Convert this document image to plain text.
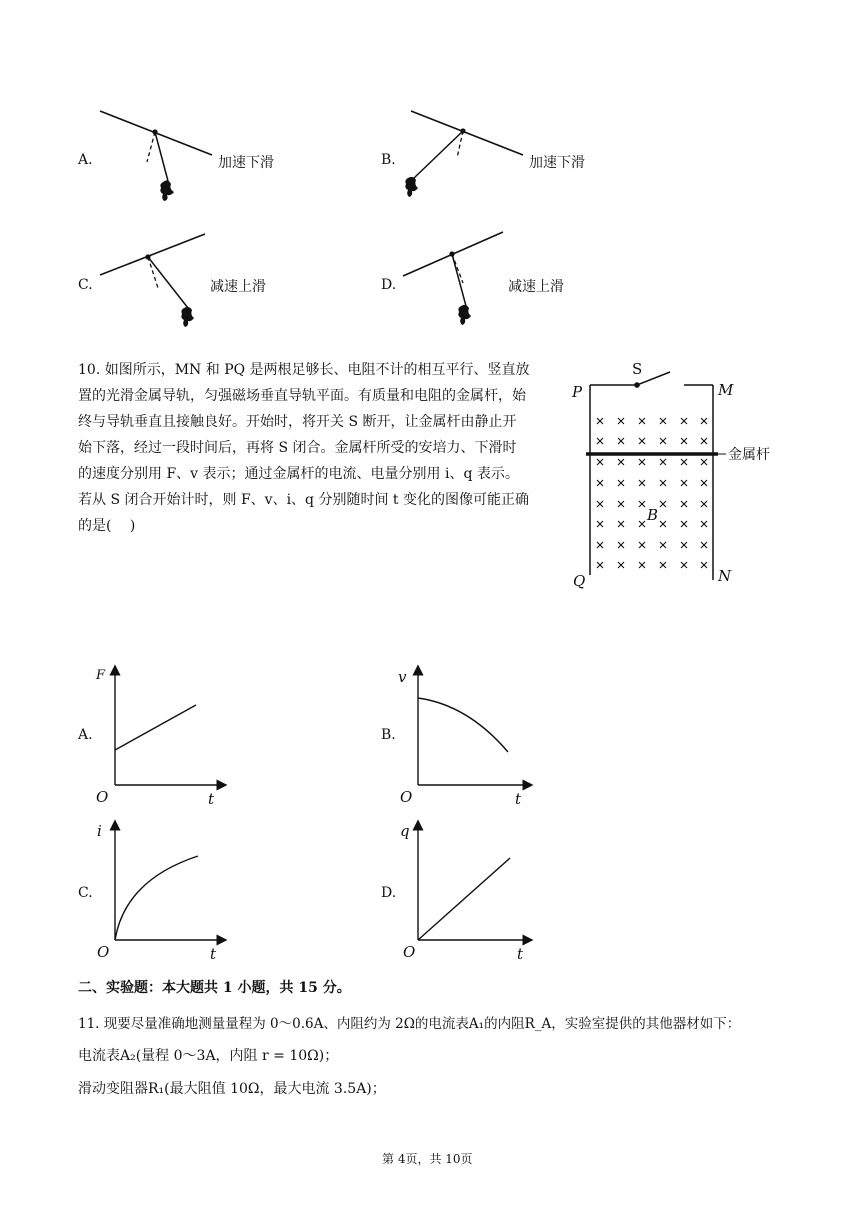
A.	加速下滑	B.	加速下滑
C.	减速上滑	D.	减速上滑
10. 如图所示，MN 和 PQ 是两根足够长、电阻不计的相互平行、竖直放
置的光滑金属导轨，匀强磁场垂直导轨平面。有质量和电阻的金属杆，始
终与导轨垂直且接触良好。开始时，将开关 S 断开，让金属杆由静止开
始下落，经过一段时间后，再将 S 闭合。金属杆所受的安培力、下滑时
的速度分别用 F、v 表示；通过金属杆的电流、电量分别用 i、q 表示。
若从 S 闭合开始计时，则 F、v、i、q 分别随时间 t 变化的图像可能正确
的是(　 )
P
S
M
Q	N
B
金属杆
A.
F
O	t
B.
v
O	t
C.
i
O	t
D.
q
O	t
二、实验题：本大题共 1 小题，共 15 分。
11. 现要尽量准确地测量量程为 0～0.6A、内阻约为 2Ω的电流表A₁的内阻R_A，实验室提供的其他器材如下：
电流表A₂(量程 0～3A，内阻 r = 10Ω)；
滑动变阻器R₁(最大阻值 10Ω，最大电流 3.5A)；
第 4页，共 10页
